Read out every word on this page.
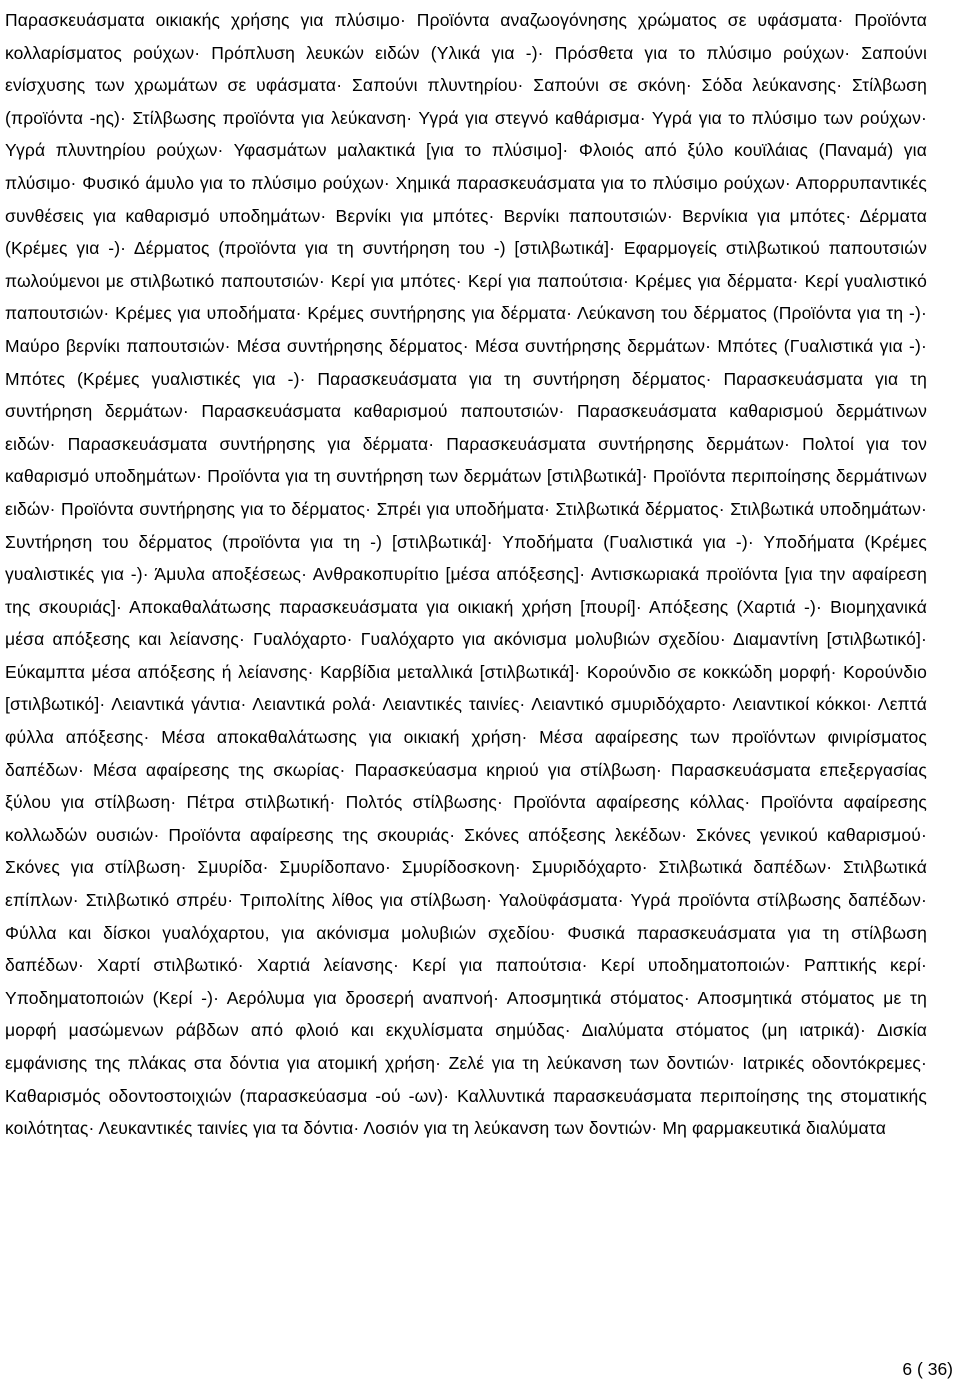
Παρασκευάσματα οικιακής χρήσης για πλύσιμο· Προϊόντα αναζωογόνησης χρώματος σε υφάσματα· Προϊόντα κολλαρίσματος ρούχων· Πρόπλυση λευκών ειδών (Υλικά για -)· Πρόσθετα για το πλύσιμο ρούχων· Σαπούνι ενίσχυσης των χρωμάτων σε υφάσματα· Σαπούνι πλυντηρίου· Σαπούνι σε σκόνη· Σόδα λεύκανσης· Στίλβωση (προϊόντα -ης)· Στίλβωσης προϊόντα για λεύκανση· Υγρά για στεγνό καθάρισμα· Υγρά για το πλύσιμο των ρούχων· Υγρά πλυντηρίου ρούχων· Υφασμάτων μαλακτικά [για το πλύσιμο]· Φλοιός από ξύλο κουϊλάιας (Παναμά) για πλύσιμο· Φυσικό άμυλο για το πλύσιμο ρούχων· Χημικά παρασκευάσματα για το πλύσιμο ρούχων· Απορρυπαντικές συνθέσεις για καθαρισμό υποδημάτων· Βερνίκι για μπότες· Βερνίκι παπουτσιών· Βερνίκια για μπότες· Δέρματα (Κρέμες για -)· Δέρματος (προϊόντα για τη συντήρηση του -) [στιλβωτικά]· Εφαρμογείς στιλβωτικού παπουτσιών πωλούμενοι με στιλβωτικό παπουτσιών· Κερί για μπότες· Κερί για παπούτσια· Κρέμες για δέρματα· Κερί γυαλιστικό παπουτσιών· Κρέμες για υποδήματα· Κρέμες συντήρησης για δέρματα· Λεύκανση του δέρματος (Προϊόντα για τη -)· Μαύρο βερνίκι παπουτσιών· Μέσα συντήρησης δέρματος· Μέσα συντήρησης δερμάτων· Μπότες (Γυαλιστικά για -)· Μπότες (Κρέμες γυαλιστικές για -)· Παρασκευάσματα για τη συντήρηση δέρματος· Παρασκευάσματα για τη συντήρηση δερμάτων· Παρασκευάσματα καθαρισμού παπουτσιών· Παρασκευάσματα καθαρισμού δερμάτινων ειδών· Παρασκευάσματα συντήρησης για δέρματα· Παρασκευάσματα συντήρησης δερμάτων· Πολτοί για τον καθαρισμό υποδημάτων· Προϊόντα για τη συντήρηση των δερμάτων [στιλβωτικά]· Προϊόντα περιποίησης δερμάτινων ειδών· Προϊόντα συντήρησης για το δέρματος· Σπρέι για υποδήματα· Στιλβωτικά δέρματος· Στιλβωτικά υποδημάτων· Συντήρηση του δέρματος (προϊόντα για τη -) [στιλβωτικά]· Υποδήματα (Γυαλιστικά για -)· Υποδήματα (Κρέμες γυαλιστικές για -)· Άμυλα αποξέσεως· Ανθρακοπυρίτιο [μέσα απόξεσης]· Αντισκωριακά προϊόντα [για την αφαίρεση της σκουριάς]· Αποκαθαλάτωσης παρασκευάσματα για οικιακή χρήση [πουρί]· Απόξεσης (Χαρτιά -)· Βιομηχανικά μέσα απόξεσης και λείανσης· Γυαλόχαρτο· Γυαλόχαρτο για ακόνισμα μολυβιών σχεδίου· Διαμαντίνη [στιλβωτικό]· Εύκαμπτα μέσα απόξεσης ή λείανσης· Καρβίδια μεταλλικά [στιλβωτικά]· Κορούνδιο σε κοκκώδη μορφή· Κορούνδιο [στιλβωτικό]· Λειαντικά γάντια· Λειαντικά ρολά· Λειαντικές ταινίες· Λειαντικό σμυριδόχαρτο· Λειαντικοί κόκκοι· Λεπτά φύλλα απόξεσης· Μέσα αποκαθαλάτωσης για οικιακή χρήση· Μέσα αφαίρεσης των προϊόντων φινιρίσματος δαπέδων· Μέσα αφαίρεσης της σκωρίας· Παρασκεύασμα κηριού για στίλβωση· Παρασκευάσματα επεξεργασίας ξύλου για στίλβωση· Πέτρα στιλβωτική· Πολτός στίλβωσης· Προϊόντα αφαίρεσης κόλλας· Προϊόντα αφαίρεσης κολλωδών ουσιών· Προϊόντα αφαίρεσης της σκουριάς· Σκόνες απόξεσης λεκέδων· Σκόνες γενικού καθαρισμού· Σκόνες για στίλβωση· Σμυρίδα· Σμυρίδοπανο· Σμυρίδοσκονη· Σμυριδόχαρτο· Στιλβωτικά δαπέδων· Στιλβωτικά επίπλων· Στιλβωτικό σπρέυ· Τριπολίτης λίθος για στίλβωση· Υαλοϋφάσματα· Υγρά προϊόντα στίλβωσης δαπέδων· Φύλλα και δίσκοι γυαλόχαρτου, για ακόνισμα μολυβιών σχεδίου· Φυσικά παρασκευάσματα για τη στίλβωση δαπέδων· Χαρτί στιλβωτικό· Χαρτιά λείανσης· Κερί για παπούτσια· Κερί υποδηματοποιών· Ραπτικής κερί· Υποδηματοποιών (Κερί -)· Αερόλυμα για δροσερή αναπνοή· Αποσμητικά στόματος· Αποσμητικά στόματος με τη μορφή μασώμενων ράβδων από φλοιό και εκχυλίσματα σημύδας· Διαλύματα στόματος (μη ιατρικά)· Δισκία εμφάνισης της πλάκας στα δόντια για ατομική χρήση· Ζελέ για τη λεύκανση των δοντιών· Ιατρικές οδοντόκρεμες· Καθαρισμός οδοντοστοιχιών (παρασκεύασμα -ού -ων)· Καλλυντικά παρασκευάσματα περιποίησης της στοματικής κοιλότητας· Λευκαντικές ταινίες για τα δόντια· Λοσιόν για τη λεύκανση των δοντιών· Μη φαρμακευτικά διαλύματα

6 ( 36)
